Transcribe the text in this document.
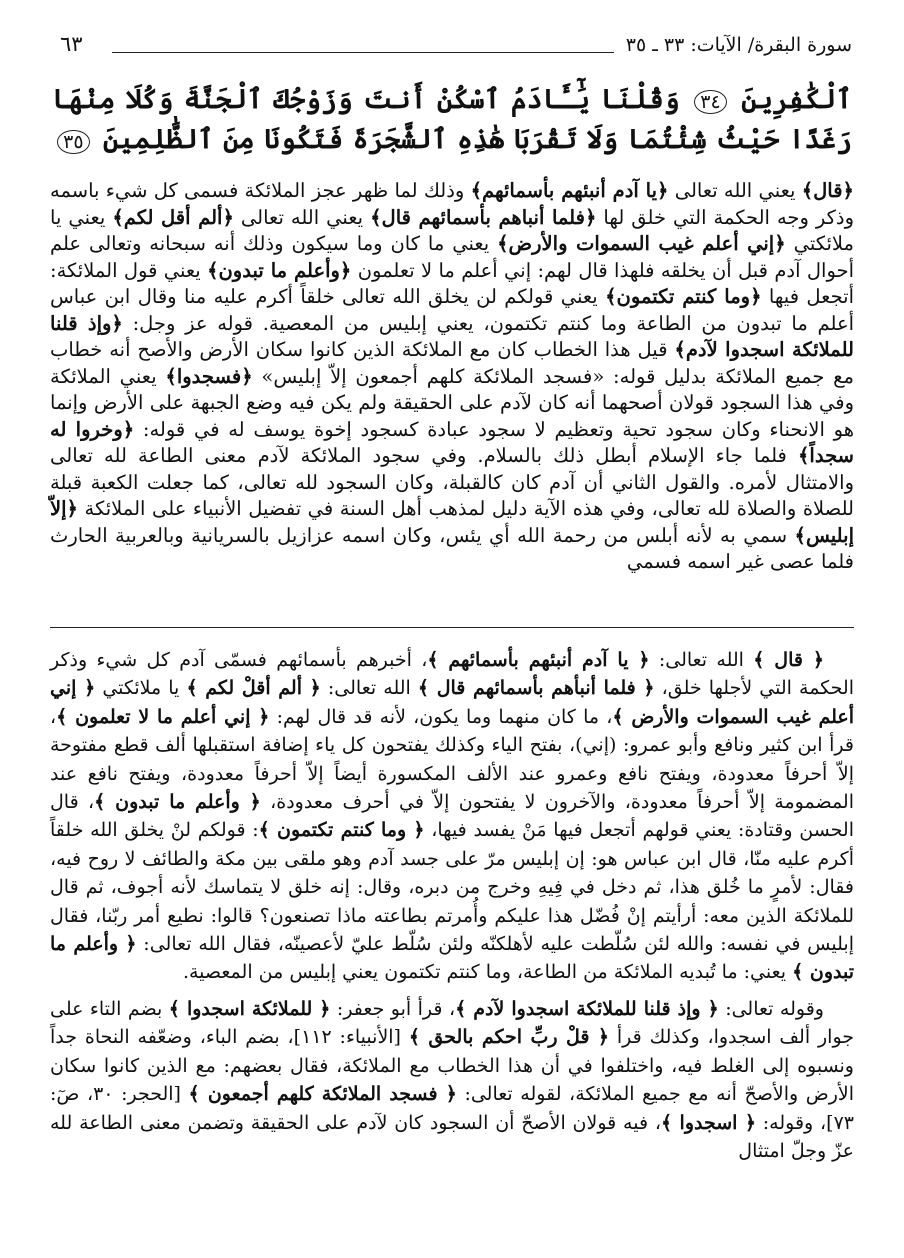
سورة البقرة/ الآيات: ٣٣ ـ ٣٥
٦٣
ٱلْكَٰفِرِينَ ٣٤ وَقُلْنَا يَٰٓـَٔادَمُ ٱسْكُنْ أَنتَ وَزَوْجُكَ ٱلْجَنَّةَ وَكُلَا مِنْهَا رَغَدًا حَيْثُ شِئْتُمَا وَلَا تَقْرَبَا هَٰذِهِ ٱلشَّجَرَةَ فَتَكُونَا مِنَ ٱلظَّٰلِمِينَ ٣٥

﴿قال﴾ يعني الله تعالى ﴿يا آدم أنبئهم بأسمائهم﴾ وذلك لما ظهر عجز الملائكة فسمى كل شيء باسمه وذكر وجه الحكمة التي خلق لها ﴿فلما أنباهم بأسمائهم قال﴾ يعني الله تعالى ﴿ألم أقل لكم﴾ يعني يا ملائكتي ﴿إني أعلم غيب السموات والأرض﴾ يعني ما كان وما سيكون وذلك أنه سبحانه وتعالى علم أحوال آدم قبل أن يخلقه فلهذا قال لهم: إني أعلم ما لا تعلمون ﴿وأعلم ما تبدون﴾ يعني قول الملائكة: أتجعل فيها ﴿وما كنتم تكتمون﴾ يعني قولكم لن يخلق الله تعالى خلقاً أكرم عليه منا وقال ابن عباس أعلم ما تبدون من الطاعة وما كنتم تكتمون، يعني إبليس من المعصية. قوله عز وجل: ﴿وإذ قلنا للملائكة اسجدوا لآدم﴾ قيل هذا الخطاب كان مع الملائكة الذين كانوا سكان الأرض والأصح أنه خطاب مع جميع الملائكة بدليل قوله: «فسجد الملائكة كلهم أجمعون إلاّ إبليس» ﴿فسجدوا﴾ يعني الملائكة وفي هذا السجود قولان أصحهما أنه كان لآدم على الحقيقة ولم يكن فيه وضع الجبهة على الأرض وإنما هو الانحناء وكان سجود تحية وتعظيم لا سجود عبادة كسجود إخوة يوسف له في قوله: ﴿وخروا له سجداً﴾ فلما جاء الإسلام أبطل ذلك بالسلام. وفي سجود الملائكة لآدم معنى الطاعة لله تعالى والامتثال لأمره. والقول الثاني أن آدم كان كالقبلة، وكان السجود لله تعالى، كما جعلت الكعبة قبلة للصلاة والصلاة لله تعالى، وفي هذه الآية دليل لمذهب أهل السنة في تفضيل الأنبياء على الملائكة ﴿إلاّ إبليس﴾ سمي به لأنه أبلس من رحمة الله أي يئس، وكان اسمه عزازيل بالسريانية وبالعربية الحارث فلما عصى غير اسمه فسمي

﴿ قال ﴾ الله تعالى: ﴿ يا آدم أنبئهم بأسمائهم ﴾، أخبرهم بأسمائهم فسمّى آدم كل شيء وذكر الحكمة التي لأجلها خلق، ﴿ فلما أنبأهم بأسمائهم قال ﴾ الله تعالى: ﴿ ألم أقلْ لكم ﴾ يا ملائكتي ﴿ إني أعلم غيب السموات والأرض ﴾، ما كان منهما وما يكون، لأنه قد قال لهم: ﴿ إني أعلم ما لا تعلمون ﴾، قرأ ابن كثير ونافع وأبو عمرو: (إني)، بفتح الياء وكذلك يفتحون كل ياء إضافة استقبلها ألف قطع مفتوحة إلاّ أحرفاً معدودة، ويفتح نافع وعمرو عند الألف المكسورة أيضاً إلاّ أحرفاً معدودة، ويفتح نافع عند المضمومة إلاّ أحرفاً معدودة، والآخرون لا يفتحون إلاّ في أحرف معدودة، ﴿ وأعلم ما تبدون ﴾، قال الحسن وقتادة: يعني قولهم أتجعل فيها مَنْ يفسد فيها، ﴿ وما كنتم تكتمون ﴾: قولكم لنْ يخلق الله خلقاً أكرم عليه منّا، قال ابن عباس هو: إن إبليس مرّ على جسد آدم وهو ملقى بين مكة والطائف لا روح فيه، فقال: لأمرٍ ما خُلق هذا، ثم دخل في فِيهِ وخرج من دبره، وقال: إنه خلق لا يتماسك لأنه أجوف، ثم قال للملائكة الذين معه: أرأيتم إنْ فُضّل هذا عليكم وأُمرتم بطاعته ماذا تصنعون؟ قالوا: نطيع أمر ربّنا، فقال إبليس في نفسه: والله لئن سُلّطت عليه لأهلكنّه ولئن سُلّط عليّ لأعصينّه، فقال الله تعالى: ﴿ وأعلم ما تبدون ﴾ يعني: ما تُبديه الملائكة من الطاعة، وما كنتم تكتمون يعني إبليس من المعصية.

وقوله تعالى: ﴿ وإذ قلنا للملائكة اسجدوا لآدم ﴾، قرأ أبو جعفر: ﴿ للملائكة اسجدوا ﴾ بضم التاء على جوار ألف اسجدوا، وكذلك قرأ ﴿ قلْ ربِّ احكم بالحق ﴾ [الأنبياء: ١١٢]، بضم الباء، وضعّفه النحاة جداً ونسبوه إلى الغلط فيه، واختلفوا في أن هذا الخطاب مع الملائكة، فقال بعضهم: مع الذين كانوا سكان الأرض والأصحّ أنه مع جميع الملائكة، لقوله تعالى: ﴿ فسجد الملائكة كلهم أجمعون ﴾ [الحجر: ٣٠، صٓ: ٧٣]، وقوله: ﴿ اسجدوا ﴾، فيه قولان الأصحّ أن السجود كان لآدم على الحقيقة وتضمن معنى الطاعة لله عزّ وجلّ امتثال
